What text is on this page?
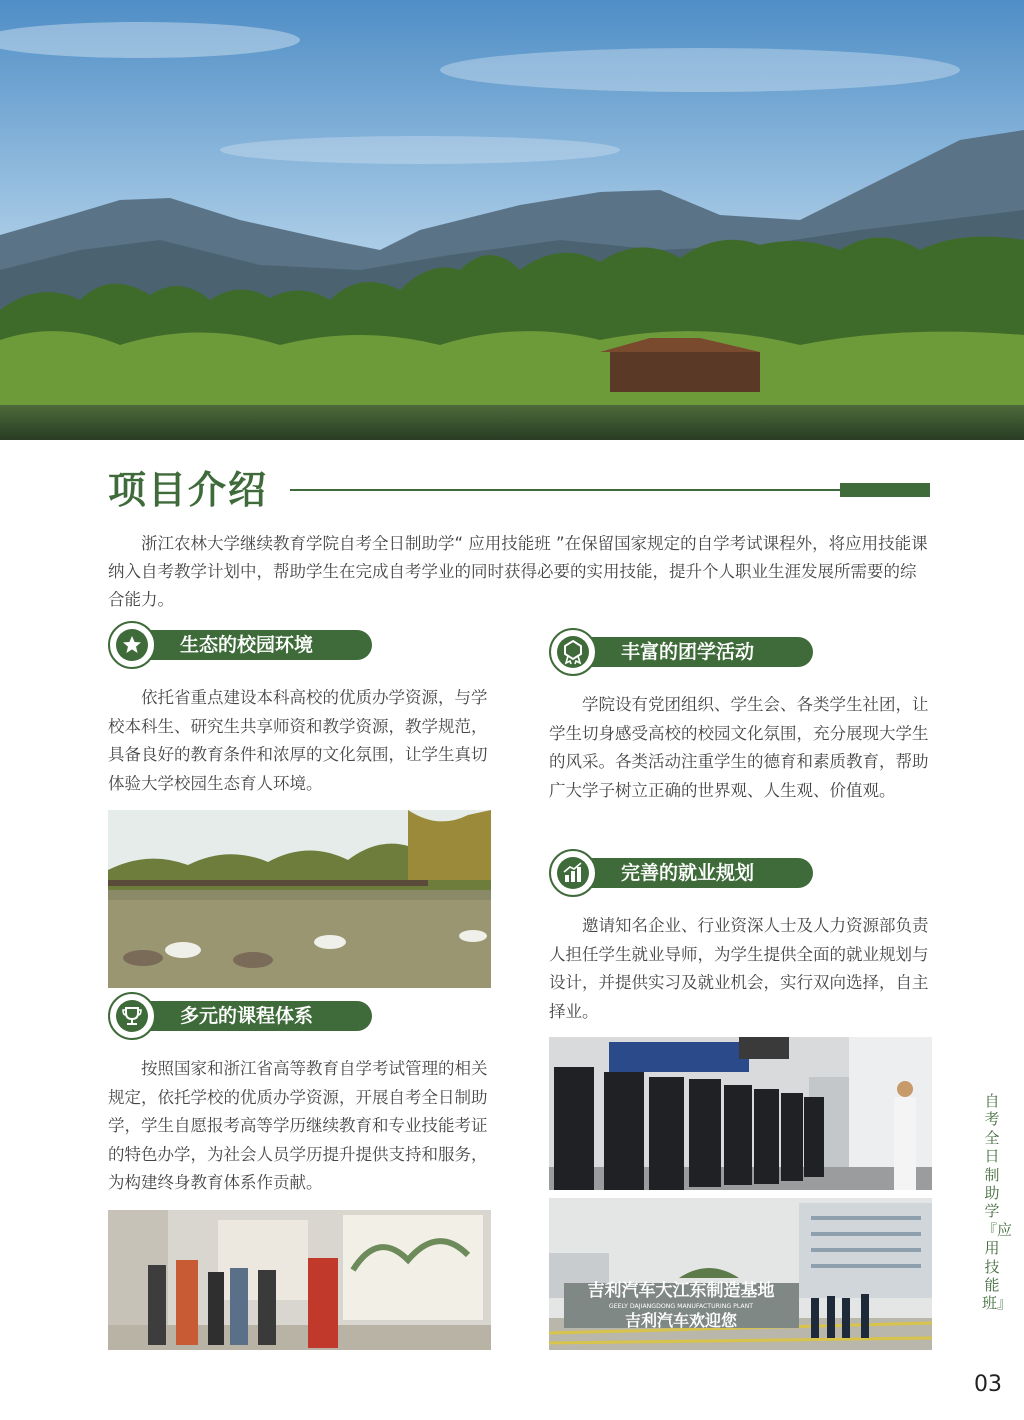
项目介绍

浙江农林大学继续教育学院自考全日制助学“ 应用技能班 ”在保留国家规定的自学考试课程外，将应用技能课纳入自考教学计划中，帮助学生在完成自考学业的同时获得必要的实用技能，提升个人职业生涯发展所需要的综合能力。

生态的校园环境

依托省重点建设本科高校的优质办学资源，与学校本科生、研究生共享师资和教学资源，教学规范，具备良好的教育条件和浓厚的文化氛围，让学生真切体验大学校园生态育人环境。

多元的课程体系

按照国家和浙江省高等教育自学考试管理的相关规定，依托学校的优质办学资源，开展自考全日制助学，学生自愿报考高等学历继续教育和专业技能考证的特色办学，为社会人员学历提升提供支持和服务，为构建终身教育体系作贡献。

丰富的团学活动

学院设有党团组织、学生会、各类学生社团，让学生切身感受高校的校园文化氛围，充分展现大学生的风采。各类活动注重学生的德育和素质教育，帮助广大学子树立正确的世界观、人生观、价值观。

完善的就业规划

邀请知名企业、行业资深人士及人力资源部负责人担任学生就业导师，为学生提供全面的就业规划与设计，并提供实习及就业机会，实行双向选择，自主择业。

吉利汽车大江东制造基地
GEELY DAJIANGDONG MANUFACTURING PLANT
吉利汽车欢迎您
自考全日制助学『应用技能班』
03
